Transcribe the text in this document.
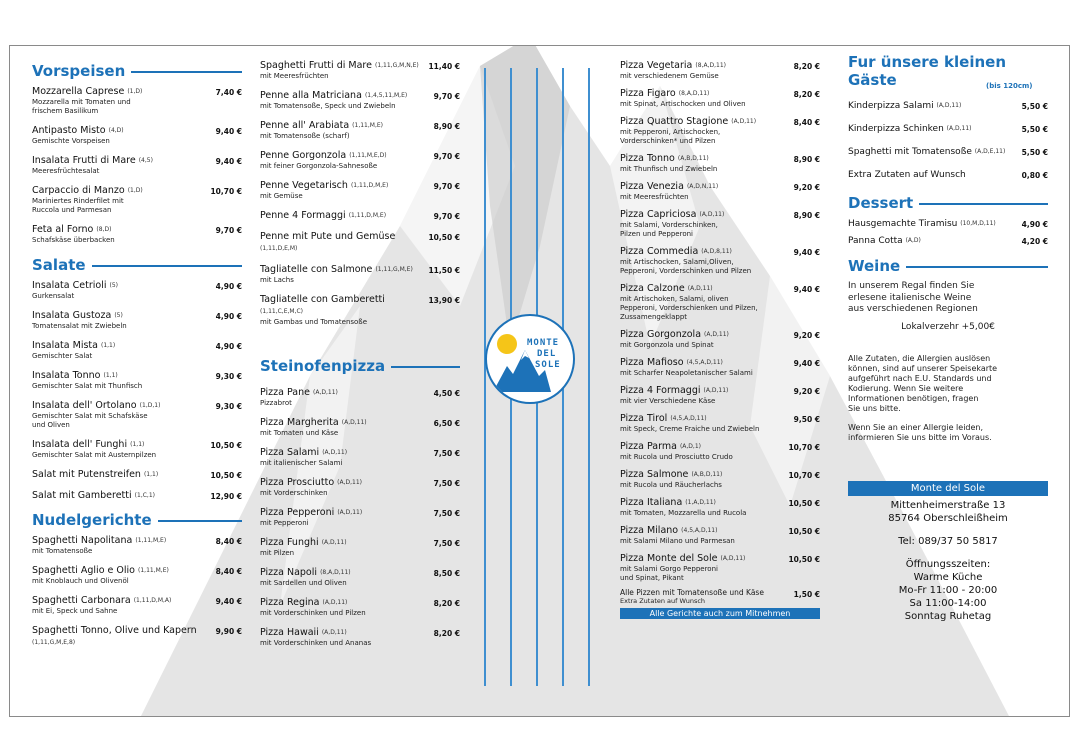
MONTE
DEL
SOLE
Vorspeisen
Mozzarella Caprese (1,D)
Mozzarella mit Tomaten und
frischem Basilikum
7,40 €
Antipasto Misto (4,D)
Gemischte Vorspeisen
9,40 €
Insalata Frutti di Mare (4,5)
Meeresfrüchtesalat
9,40 €
Carpaccio di Manzo (1,D)
Mariniertes Rinderfilet mit
Ruccola und Parmesan
10,70 €
Feta al Forno (8,D)
Schafskäse überbacken
9,70 €
Salate
Insalata Cetrioli (5)
Gurkensalat
4,90 €
Insalata Gustoza (5)
Tomatensalat mit Zwiebeln
4,90 €
Insalata Mista (1,1)
Gemischter Salat
4,90 €
Insalata Tonno (1,1)
Gemischter Salat mit Thunfisch
9,30 €
Insalata dell' Ortolano (1,D,1)
Gemischter Salat mit Schafskäse
und Oliven
9,30 €
Insalata dell' Funghi (1,1)
Gemischter Salat mit Austernpilzen
10,50 €
Salat mit Putenstreifen (1,1)	10,50 €
Salat mit Gamberetti (1,C,1)	12,90 €
Nudelgerichte
Spaghetti Napolitana (1,11,M,E)
mit Tomatensoße
8,40 €
Spaghetti Aglio e Olio (1,11,M,E)
mit Knoblauch und Olivenöl
8,40 €
Spaghetti Carbonara (1,11,D,M,A)
mit Ei, Speck und Sahne
9,40 €
Spaghetti Tonno, Olive und Kapern (1,11,G,M,E,8)
9,90 €
Spaghetti Frutti di Mare (1,11,G,M,N,E)
mit Meeresfrüchten
11,40 €
Penne alla Matriciana (1,4,5,11,M,E)
mit Tomatensoße, Speck und Zwiebeln
9,70 €
Penne all' Arabiata (1,11,M,E)
mit Tomatensoße (scharf)
8,90 €
Penne Gorgonzola (1,11,M,E,D)
mit feiner Gorgonzola-Sahnesoße
9,70 €
Penne Vegetarisch (1,11,D,M,E)
mit Gemüse
9,70 €
Penne 4 Formaggi (1,11,D,M,E)	9,70 €
Penne mit Pute und Gemüse (1,11,D,E,M)
10,50 €
Tagliatelle con Salmone (1,11,G,M,E)
mit Lachs
11,50 €
Tagliatelle con Gamberetti (1,11,C,E,M,C)
mit Gambas und Tomatensoße
13,90 €
Steinofenpizza
Pizza Pane (A,D,11)
Pizzabrot
4,50 €
Pizza Margherita (A,D,11)
mit Tomaten und Käse
6,50 €
Pizza Salami (A,D,11)
mit italienischer Salami
7,50 €
Pizza Prosciutto (A,D,11)
mit Vorderschinken
7,50 €
Pizza Pepperoni (A,D,11)
mit Pepperoni
7,50 €
Pizza Funghi (A,D,11)
mit Pilzen
7,50 €
Pizza Napoli (8,A,D,11)
mit Sardellen und Oliven
8,50 €
Pizza Regina (A,D,11)
mit Vorderschinken und Pilzen
8,20 €
Pizza Hawaii (A,D,11)
mit Vorderschinken und Ananas
8,20 €
Pizza Vegetaria (8,A,D,11)
mit verschiedenem Gemüse
8,20 €
Pizza Figaro (8,A,D,11)
mit Spinat, Artischocken und Oliven
8,20 €
Pizza Quattro Stagione (A,D,11)
mit Pepperoni, Artischocken,
Vorderschinken* und Pilzen
8,40 €
Pizza Tonno (A,B,D,11)
mit Thunfisch und Zwiebeln
8,90 €
Pizza Venezia (A,D,N,11)
mit Meeresfrüchten
9,20 €
Pizza Capriciosa (A,D,11)
mit Salami, Vorderschinken,
Pilzen und Pepperoni
8,90 €
Pizza Commedia (A,D,8,11)
mit Artischocken, Salami,Oliven,
Pepperoni, Vorderschinken und Pilzen
9,40 €
Pizza Calzone (A,D,11)
mit Artischoken, Salami, oliven
Pepperoni, Vorderschienken und Pilzen,
Zussamengeklappt
9,40 €
Pizza Gorgonzola (A,D,11)
mit Gorgonzola und Spinat
9,20 €
Pizza Mafioso (4,5,A,D,11)
mit Scharfer Neapoletanischer Salami
9,40 €
Pizza 4 Formaggi (A,D,11)
mit vier Verschiedene Käse
9,20 €
Pizza Tirol (4,5,A,D,11)
mit Speck, Creme Fraiche und Zwiebeln
9,50 €
Pizza Parma (A,D,1)
mit Rucola und Prosciutto Crudo
10,70 €
Pizza Salmone (A,B,D,11)
mit Rucola und Räucherlachs
10,70 €
Pizza Italiana (1,A,D,11)
mit Tomaten, Mozzarella und Rucola
10,50 €
Pizza Milano (4,5,A,D,11)
mit Salami Milano und Parmesan
10,50 €
Pizza Monte del Sole (A,D,11)
mit Salami Gorgo Pepperoni
und Spinat, Pikant
10,50 €
Alle Pizzen mit Tomatensoße und Käse
Extra Zutaten auf Wunsch
1,50 €
Alle Gerichte auch zum Mitnehmen
Fur ünsere kleinen Gäste	(bis 120cm)
Kinderpizza Salami (A,D,11)	5,50 €
Kinderpizza Schinken (A,D,11)	5,50 €
Spaghetti mit Tomatensoße (A,D,E,11)	5,50 €
Extra Zutaten auf Wunsch	0,80 €
Dessert
Hausgemachte Tiramisu (10,M,D,11)	4,90 €
Panna Cotta (A,D)	4,20 €
Weine
In unserem Regal finden Sie
erlesene italienische Weine
aus verschiedenen Regionen
Lokalverzehr +5,00€
Alle Zutaten, die Allergien auslösen
können, sind auf unserer Speisekarte
aufgeführt nach E.U. Standards und
Kodierung. Wenn Sie weitere
Informationen benötigen, fragen
Sie uns bitte.
Wenn Sie an einer Allergie leiden,
informieren Sie uns bitte im Voraus.
Monte del Sole
Mittenheimerstraße 13
85764 Oberschleißheim
Tel: 089/37 50 5817
Öffnungsszeiten:
Warme Küche
Mo-Fr 11:00 - 20:00
Sa 11:00-14:00
Sonntag Ruhetag
